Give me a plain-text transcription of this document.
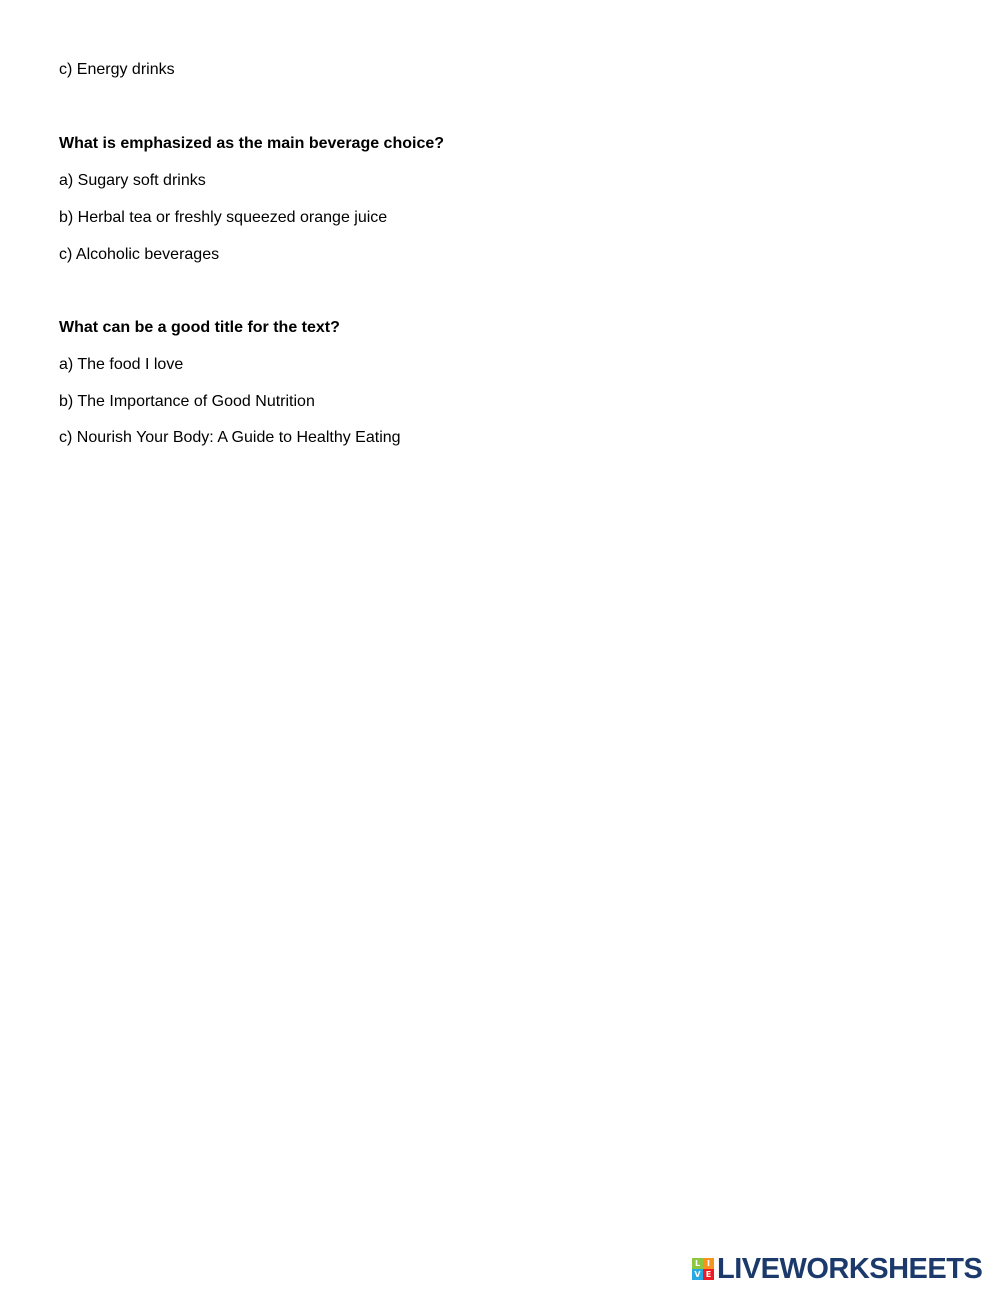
c) Energy drinks
What is emphasized as the main beverage choice?
a) Sugary soft drinks
b) Herbal tea or freshly squeezed orange juice
c) Alcoholic beverages
What can be a good title for the text?
a) The food I love
b) The Importance of Good Nutrition
c) Nourish Your Body: A Guide to Healthy Eating
L I
V E LIVEWORKSHEETS
